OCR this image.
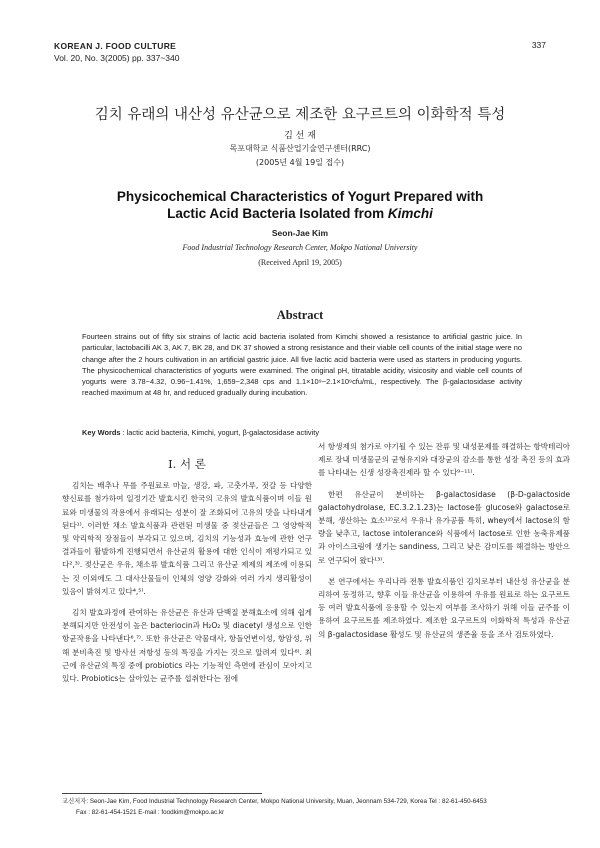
KOREAN J. FOOD CULTURE
Vol. 20, No. 3(2005) pp. 337~340
337
김치 유래의 내산성 유산균으로 제조한 요구르트의 이화학적 특성
김 선 재
목포대학교 식품산업기술연구센터(RRC)
(2005년 4월 19일 접수)
Physicochemical Characteristics of Yogurt Prepared with
Lactic Acid Bacteria Isolated from Kimchi
Seon-Jae Kim
Food Industrial Technology Research Center, Mokpo National University
(Received April 19, 2005)
Abstract
Fourteen strains out of fifty six strains of lactic acid bacteria isolated from Kimchi showed a resistance to artificial gastric juice. In particular, lactobacilli AK 3, AK 7, BK 28, and DK 37 showed a strong resistance and their viable cell counts of the initial stage were no change after the 2 hours cultivation in an artificial gastric juice. All five lactic acid bacteria were used as starters in producing yogurts. The physicochemical characteristics of yogurts were examined. The original pH, titratable acidity, visicosity and viable cell counts of yogurts were 3.78~4.32, 0.96~1.41%, 1,659~2,348 cps and 1.1×10⁹~2.1×10⁹cfu/mL, respectively. The β-galactosidase activity reached maximum at 48 hr, and reduced gradually during incubation.
Key Words : lactic acid bacteria, Kimchi, yogurt, β-galactosidase activity
I. 서 론

김치는 배추나 무를 주원료로 마늘, 생강, 파, 고춧가루, 젓갈 등 다양한 향신료를 첨가하여 일정기간 발효시킨 한국의 고유의 발효식품이며 이들 원료와 미생물의 작용에서 유래되는 성분이 잘 조화되어 고유의 맛을 나타내게 된다¹⁾. 이러한 채소 발효식품과 관련된 미생물 중 젖산균들은 그 영양학적 및 약리학적 장점들이 부각되고 있으며, 김치의 기능성과 효능에 관한 연구결과들이 활발하게 진행되면서 유산균의 활용에 대한 인식이 재평가되고 있다²,³⁾. 젖산균은 우유, 채소류 발효식품 그리고 유산균 제제의 제조에 이용되는 것 이외에도 그 대사산물들이 인체의 영양 강화와 여러 가지 생리활성이 있음이 밝혀지고 있다⁴,⁵⁾.

김치 발효과정에 관여하는 유산균은 유산과 단백질 분해효소에 의해 쉽게 분해되지만 안전성이 높은 bacteriocin과 H₂O₂ 및 diacetyl 생성으로 인한 항균작용을 나타낸다⁶,⁷⁾. 또한 유산균은 약물대사, 항돌연변이성, 항암성, 위해 분비촉진 및 방사선 저항성 등의 특징을 가지는 것으로 알려져 있다⁸⁾. 최근에 유산균의 특징 중에 probiotics 라는 기능적인 측면에 관심이 모아지고 있다. Probiotics는 살아있는 균주를 섭취한다는 점에

서 항생제의 첨가로 야기될 수 있는 잔류 및 내성문제를 해결하는 항박테리아제로 장내 미생물군의 균형유지와 대장균의 감소를 통한 성장 촉진 등의 효과를 나타내는 신생 성장촉진제라 할 수 있다⁹⁻¹¹⁾.

한편 유산균이 분비하는 β-galactosidase (β-D-galactoside galactohydrolase, EC.3.2.1.23)는 lactose를 glucose와 galactose로 분해, 생산하는 효소¹²⁾로서 우유나 유가공품 특히, whey에서 lactose의 함량을 낮추고, lactose intolerance와 식품에서 lactose로 인한 농축유제품과 아이스크림에 생기는 sandiness, 그리고 낮은 감미도를 해결하는 방안으로 연구되어 왔다¹³⁾.

본 연구에서는 우리나라 전통 발효식품인 김치로부터 내산성 유산균을 분리하여 동정하고, 향후 이들 유산균을 이용하여 우유를 원료로 하는 요구르트 등 여러 발효식품에 응용할 수 있는지 여부를 조사하기 위해 이들 균주를 이용하여 요구르트를 제조하였다. 제조한 요구르트의 이화학적 특성과 유산균의 β-galactosidase 활성도 및 유산균의 생존율 등을 조사 검토하였다.

교신저자: Seon-Jae Kim, Food Industrial Technology Research Center, Mokpo National University, Muan, Jeonnam 534-729, Korea Tel : 82-61-450-6453
Fax : 82-61-454-1521 E-mail : foodkim@mokpo.ac.kr
